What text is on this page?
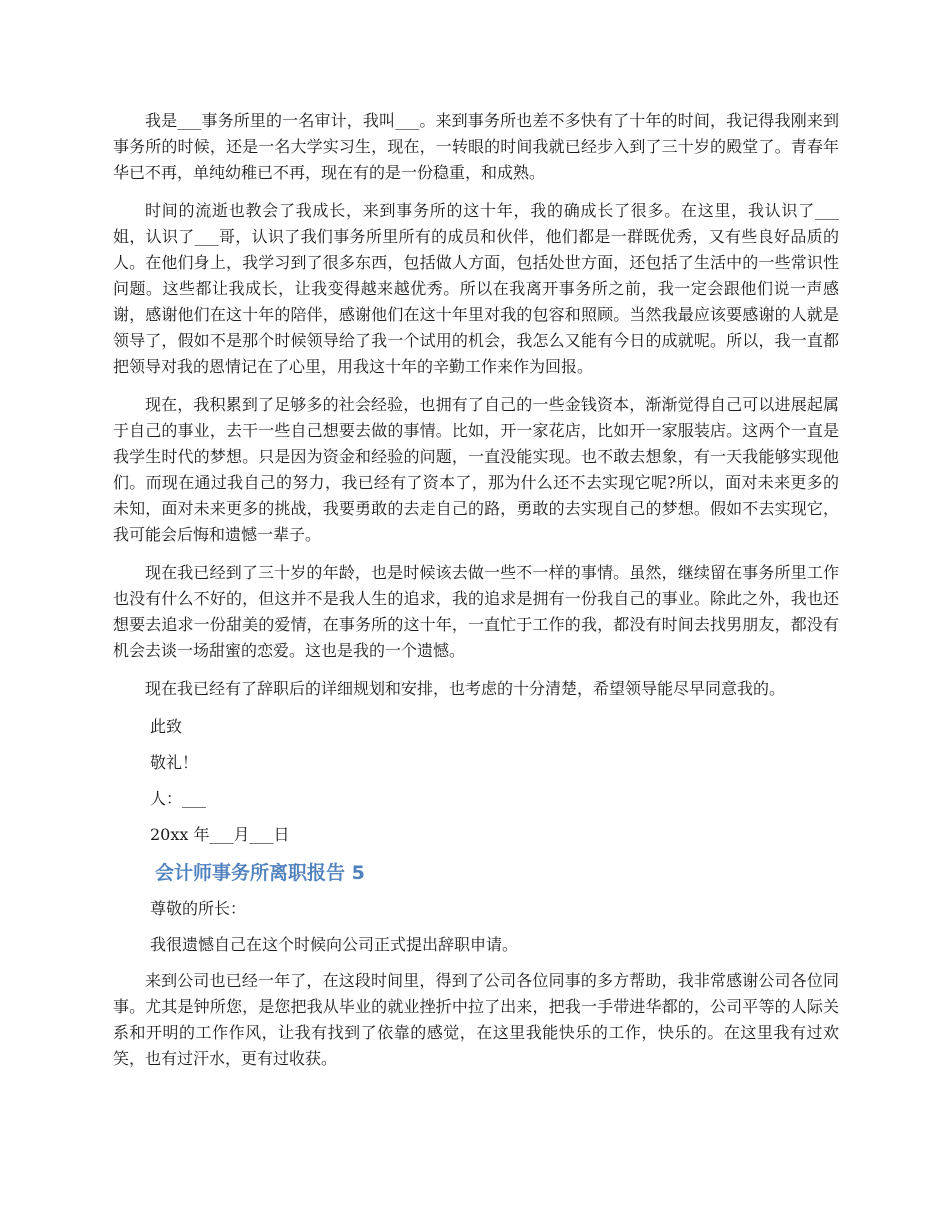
我是___事务所里的一名审计，我叫___。来到事务所也差不多快有了十年的时间，我记得我刚来到事务所的时候，还是一名大学实习生，现在，一转眼的时间我就已经步入到了三十岁的殿堂了。青春年华已不再，单纯幼稚已不再，现在有的是一份稳重，和成熟。

时间的流逝也教会了我成长，来到事务所的这十年，我的确成长了很多。在这里，我认识了___姐，认识了___哥，认识了我们事务所里所有的成员和伙伴，他们都是一群既优秀，又有些良好品质的人。在他们身上，我学习到了很多东西，包括做人方面，包括处世方面，还包括了生活中的一些常识性问题。这些都让我成长，让我变得越来越优秀。所以在我离开事务所之前，我一定会跟他们说一声感谢，感谢他们在这十年的陪伴，感谢他们在这十年里对我的包容和照顾。当然我最应该要感谢的人就是领导了，假如不是那个时候领导给了我一个试用的机会，我怎么又能有今日的成就呢。所以，我一直都把领导对我的恩情记在了心里，用我这十年的辛勤工作来作为回报。

现在，我积累到了足够多的社会经验，也拥有了自己的一些金钱资本，渐渐觉得自己可以进展起属于自己的事业，去干一些自己想要去做的事情。比如，开一家花店，比如开一家服装店。这两个一直是我学生时代的梦想。只是因为资金和经验的问题，一直没能实现。也不敢去想象，有一天我能够实现他们。而现在通过我自己的努力，我已经有了资本了，那为什么还不去实现它呢?所以，面对未来更多的未知，面对未来更多的挑战，我要勇敢的去走自己的路，勇敢的去实现自己的梦想。假如不去实现它，我可能会后悔和遗憾一辈子。

现在我已经到了三十岁的年龄，也是时候该去做一些不一样的事情。虽然，继续留在事务所里工作也没有什么不好的，但这并不是我人生的追求，我的追求是拥有一份我自己的事业。除此之外，我也还想要去追求一份甜美的爱情，在事务所的这十年，一直忙于工作的我，都没有时间去找男朋友，都没有机会去谈一场甜蜜的恋爱。这也是我的一个遗憾。

现在我已经有了辞职后的详细规划和安排，也考虑的十分清楚，希望领导能尽早同意我的。

此致

敬礼！

人：___

20xx 年___月___日

会计师事务所离职报告 5

尊敬的所长：

我很遗憾自己在这个时候向公司正式提出辞职申请。

来到公司也已经一年了，在这段时间里，得到了公司各位同事的多方帮助，我非常感谢公司各位同事。尤其是钟所您，是您把我从毕业的就业挫折中拉了出来，把我一手带进华都的，公司平等的人际关系和开明的工作作风，让我有找到了依靠的感觉，在这里我能快乐的工作，快乐的。在这里我有过欢笑，也有过汗水，更有过收获。
